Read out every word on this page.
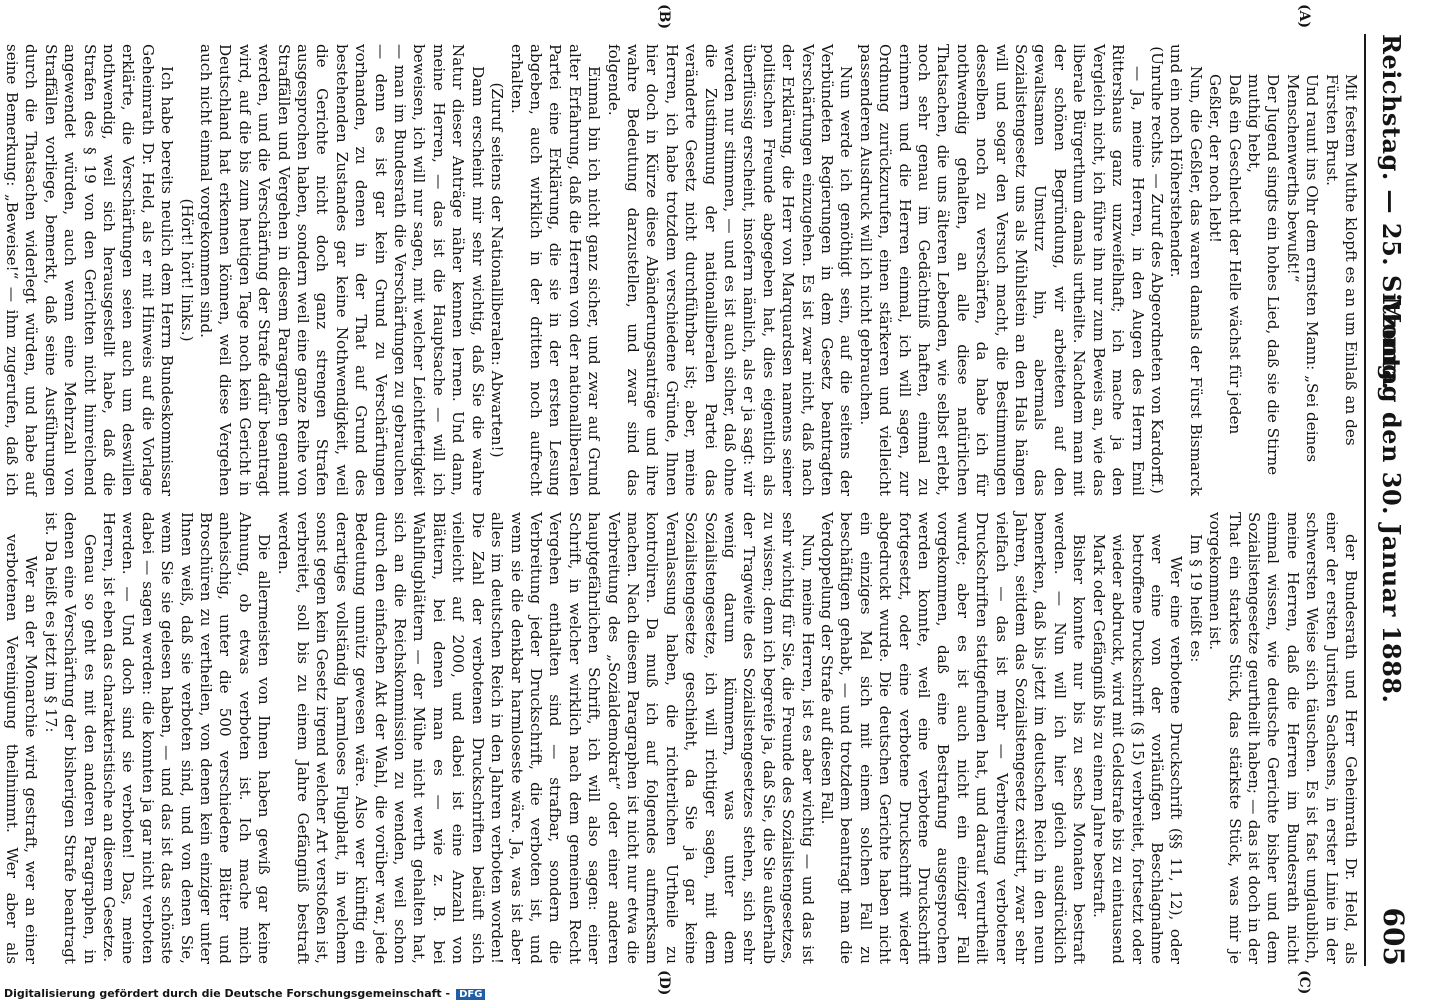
Reichstag. — 25. Sitzung.
Montag den 30. Januar 1888.
605
(A)
(B)
(C)
(D)

Mit festem Muthe klopft es an um Einlaß an des Fürsten Brust.

Und raunt ins Ohr dem ernsten Mann: „Sei deines Menschenwerths bewußt!“

Der Jugend singts ein hohes Lied, daß sie die Stirne muthig hebt,

Daß ein Geschlecht der Helle wächst für jeden Geßler, der noch lebt!

Nun, die Geßler, das waren damals der Fürst Bismarck und ein noch Höherstehender.

(Unruhe rechts. — Zuruf des Abgeordneten von Kardorff.)

— Ja, meine Herren, in den Augen des Herrn Emil Rittershaus ganz unzweifelhaft; ich mache ja den Vergleich nicht, ich führe ihn nur zum Beweis an, wie das liberale Bürgerthum damals urtheilte. Nachdem man mit der schönen Begründung, wir arbeiteten auf den gewaltsamen Umsturz hin, abermals das Sozialistengesetz uns als Mühlstein an den Hals hängen will und sogar den Versuch macht, die Bestimmungen desselben noch zu verschärfen, da habe ich für nothwendig gehalten, an alle diese natürlichen Thatsachen, die uns älteren Lebenden, wie selbst erlebt, noch sehr genau im Gedächtniß haften, einmal zu erinnern und die Herren einmal, ich will sagen, zur Ordnung zurückzurufen, einen stärkeren und vielleicht passenderen Ausdruck will ich nicht gebrauchen.

Nun werde ich genöthigt sein, auf die seitens der Verbündeten Regierungen in dem Gesetz beantragten Verschärfungen einzugehen. Es ist zwar nicht, daß nach der Erklärung, die Herr von Marquardsen namens seiner politischen Freunde abgegeben hat, dies eigentlich als überflüssig erscheint, insofern nämlich, als er ja sagt: wir werden nur stimmen, — und es ist auch sicher, daß ohne die Zustimmung der nationalliberalen Partei das veränderte Gesetz nicht durchführbar ist; aber, meine Herren, ich habe trotzdem verschiedene Gründe, Ihnen hier doch in Kürze diese Abänderungsanträge und ihre wahre Bedeutung darzustellen, und zwar sind das folgende.

Einmal bin ich nicht ganz sicher, und zwar auf Grund alter Erfahrung, daß die Herren von der nationalliberalen Partei eine Erklärung, die sie in der ersten Lesung abgeben, auch wirklich in der dritten noch aufrecht erhalten.

(Zuruf seitens der Nationalliberalen: Abwarten!)

Dann erscheint mir sehr wichtig, daß Sie die wahre Natur dieser Anträge näher kennen lernen. Und dann, meine Herren, — das ist die Hauptsache — will ich beweisen, ich will nur sagen, mit welcher Leichtfertigkeit — man im Bundesrath die Verschärfungen zu gebrauchen — denn es ist gar kein Grund zu Verschärfungen vorhanden, zu denen in der That auf Grund des bestehenden Zustandes gar keine Nothwendigkeit, weil die Gerichte nicht doch ganz strengen Strafen ausgesprochen haben, sondern weil eine ganze Reihe von Straffällen und Vergehen in diesem Paragraphen genannt werden, und die Verschärfung der Strafe dafür beantragt wird, auf die bis zum heutigen Tage noch kein Gericht in Deutschland hat erkennen können, weil diese Vergehen auch nicht einmal vorgekommen sind.

(Hört! hört! links.)

Ich habe bereits neulich dem Herrn Bundeskommissar Geheimrath Dr. Held, als er mit Hinweis auf die Vorlage erklärte, die Verschärfungen seien auch um deswillen nothwendig, weil sich herausgestellt habe, daß die Strafen des § 19 von den Gerichten nicht hinreichend angewendet würden, auch wenn eine Mehrzahl von Straffällen vorliege, bemerkt, daß seine Ausführungen durch die Thatsachen widerlegt würden, und habe auf seine Bemerkung: „Beweise!“ — ihm zugerufen, daß ich

der Bundesrath und Herr Geheimrath Dr. Held, als einer der ersten Juristen Sachsens, in erster Linie in der schwersten Weise sich täuschen. Es ist fast unglaublich, meine Herren, daß die Herren im Bundesrath nicht einmal wissen, wie deutsche Gerichte bisher und dem Sozialistengesetze geurtheilt haben; — das ist doch in der That ein starkes Stück, das stärkste Stück, was mir je vorgekommen ist.

Im § 19 heißt es:

Wer eine verbotene Druckschrift (§§ 11, 12), oder wer eine von der vorläufigen Beschlagnahme betroffene Druckschrift (§ 15) verbreitet, fortsetzt oder wieder abdruckt, wird mit Geldstrafe bis zu eintausend Mark oder Gefängniß bis zu einem Jahre bestraft.

Bisher konnte nur bis zu sechs Monaten bestraft werden. — Nun will ich hier gleich ausdrücklich bemerken, daß bis jetzt im deutschen Reich in den neun Jahren, seitdem das Sozialistengesetz existirt, zwar sehr vielfach — das ist mehr — Verbreitung verbotener Druckschriften stattgefunden hat, und darauf verurtheilt wurde; aber es ist auch nicht ein einziger Fall vorgekommen, daß eine Bestrafung ausgesprochen werden konnte, weil eine verbotene Druckschrift fortgesetzt, oder eine verbotene Druckschrift wieder abgedruckt wurde. Die deutschen Gerichte haben nicht ein einziges Mal sich mit einem solchen Fall zu beschäftigen gehabt, — und trotzdem beantragt man die Verdoppelung der Strafe auf diesen Fall.

Nun, meine Herren, ist es aber wichtig — und das ist sehr wichtig für Sie, die Freunde des Sozialistengesetzes, zu wissen; denn ich begreife ja, daß Sie, die Sie außerhalb der Tragweite des Sozialistengesetzes stehen, sich sehr wenig darum kümmern, was unter dem Sozialistengesetze, ich will richtiger sagen, mit dem Sozialistengesetze geschieht, da Sie ja gar keine Veranlassung haben, die richterlichen Urtheile zu kontroliren. Da muß ich auf folgendes aufmerksam machen. Nach diesem Paragraphen ist nicht nur etwa die Verbreitung des „Sozialdemokrat“ oder einer anderen hauptgefährlichen Schrift, ich will also sagen: einer Schrift, in welcher wirklich nach dem gemeinen Recht Vergehen enthalten sind — strafbar, sondern die Verbreitung jeder Druckschrift, die verboten ist, und wenn sie die denkbar harmloseste wäre. Ja, was ist aber alles im deutschen Reich in den Jahren verboten worden! Die Zahl der verbotenen Druckschriften beläuft sich vielleicht auf 2000, und dabei ist eine Anzahl von Blättern, bei denen man es — wie z. B. bei Wahlflugblättern — der Mühe nicht werth gehalten hat, sich an die Reichskommission zu wenden, weil schon durch den einfachen Akt der Wahl, die vorüber war, jede Bedeutung unnütz gewesen wäre. Also wer künftig ein derartiges vollständig harmloses Flugblatt, in welchem sonst gegen kein Gesetz irgend welcher Art verstoßen ist, verbreitet, soll bis zu einem Jahre Gefängniß bestraft werden.

Die allermeisten von Ihnen haben gewiß gar keine Ahnung, ob etwas verboten ist. Ich mache mich anheischig, unter die 500 verschiedene Blätter und Broschüren zu vertheilen, von denen kein einziger unter Ihnen weiß, daß sie verboten sind, und von denen Sie, wenn Sie sie gelesen haben, — und das ist das schönste dabei — sagen werden: die konnten ja gar nicht verboten werden. — Und doch sind sie verboten! Das, meine Herren, ist eben das charakteristische an diesem Gesetze.

Genau so geht es mit den anderen Paragraphen, in denen eine Verschärfung der bisherigen Strafe beantragt ist. Da heißt es jetzt im § 17:

Wer an der Monarchie wird gestraft, wer an einer verbotenen Vereinigung theilnimmt. Wer aber als

Digitalisierung gefördert durch die Deutsche Forschungsgemeinschaft - DFG
